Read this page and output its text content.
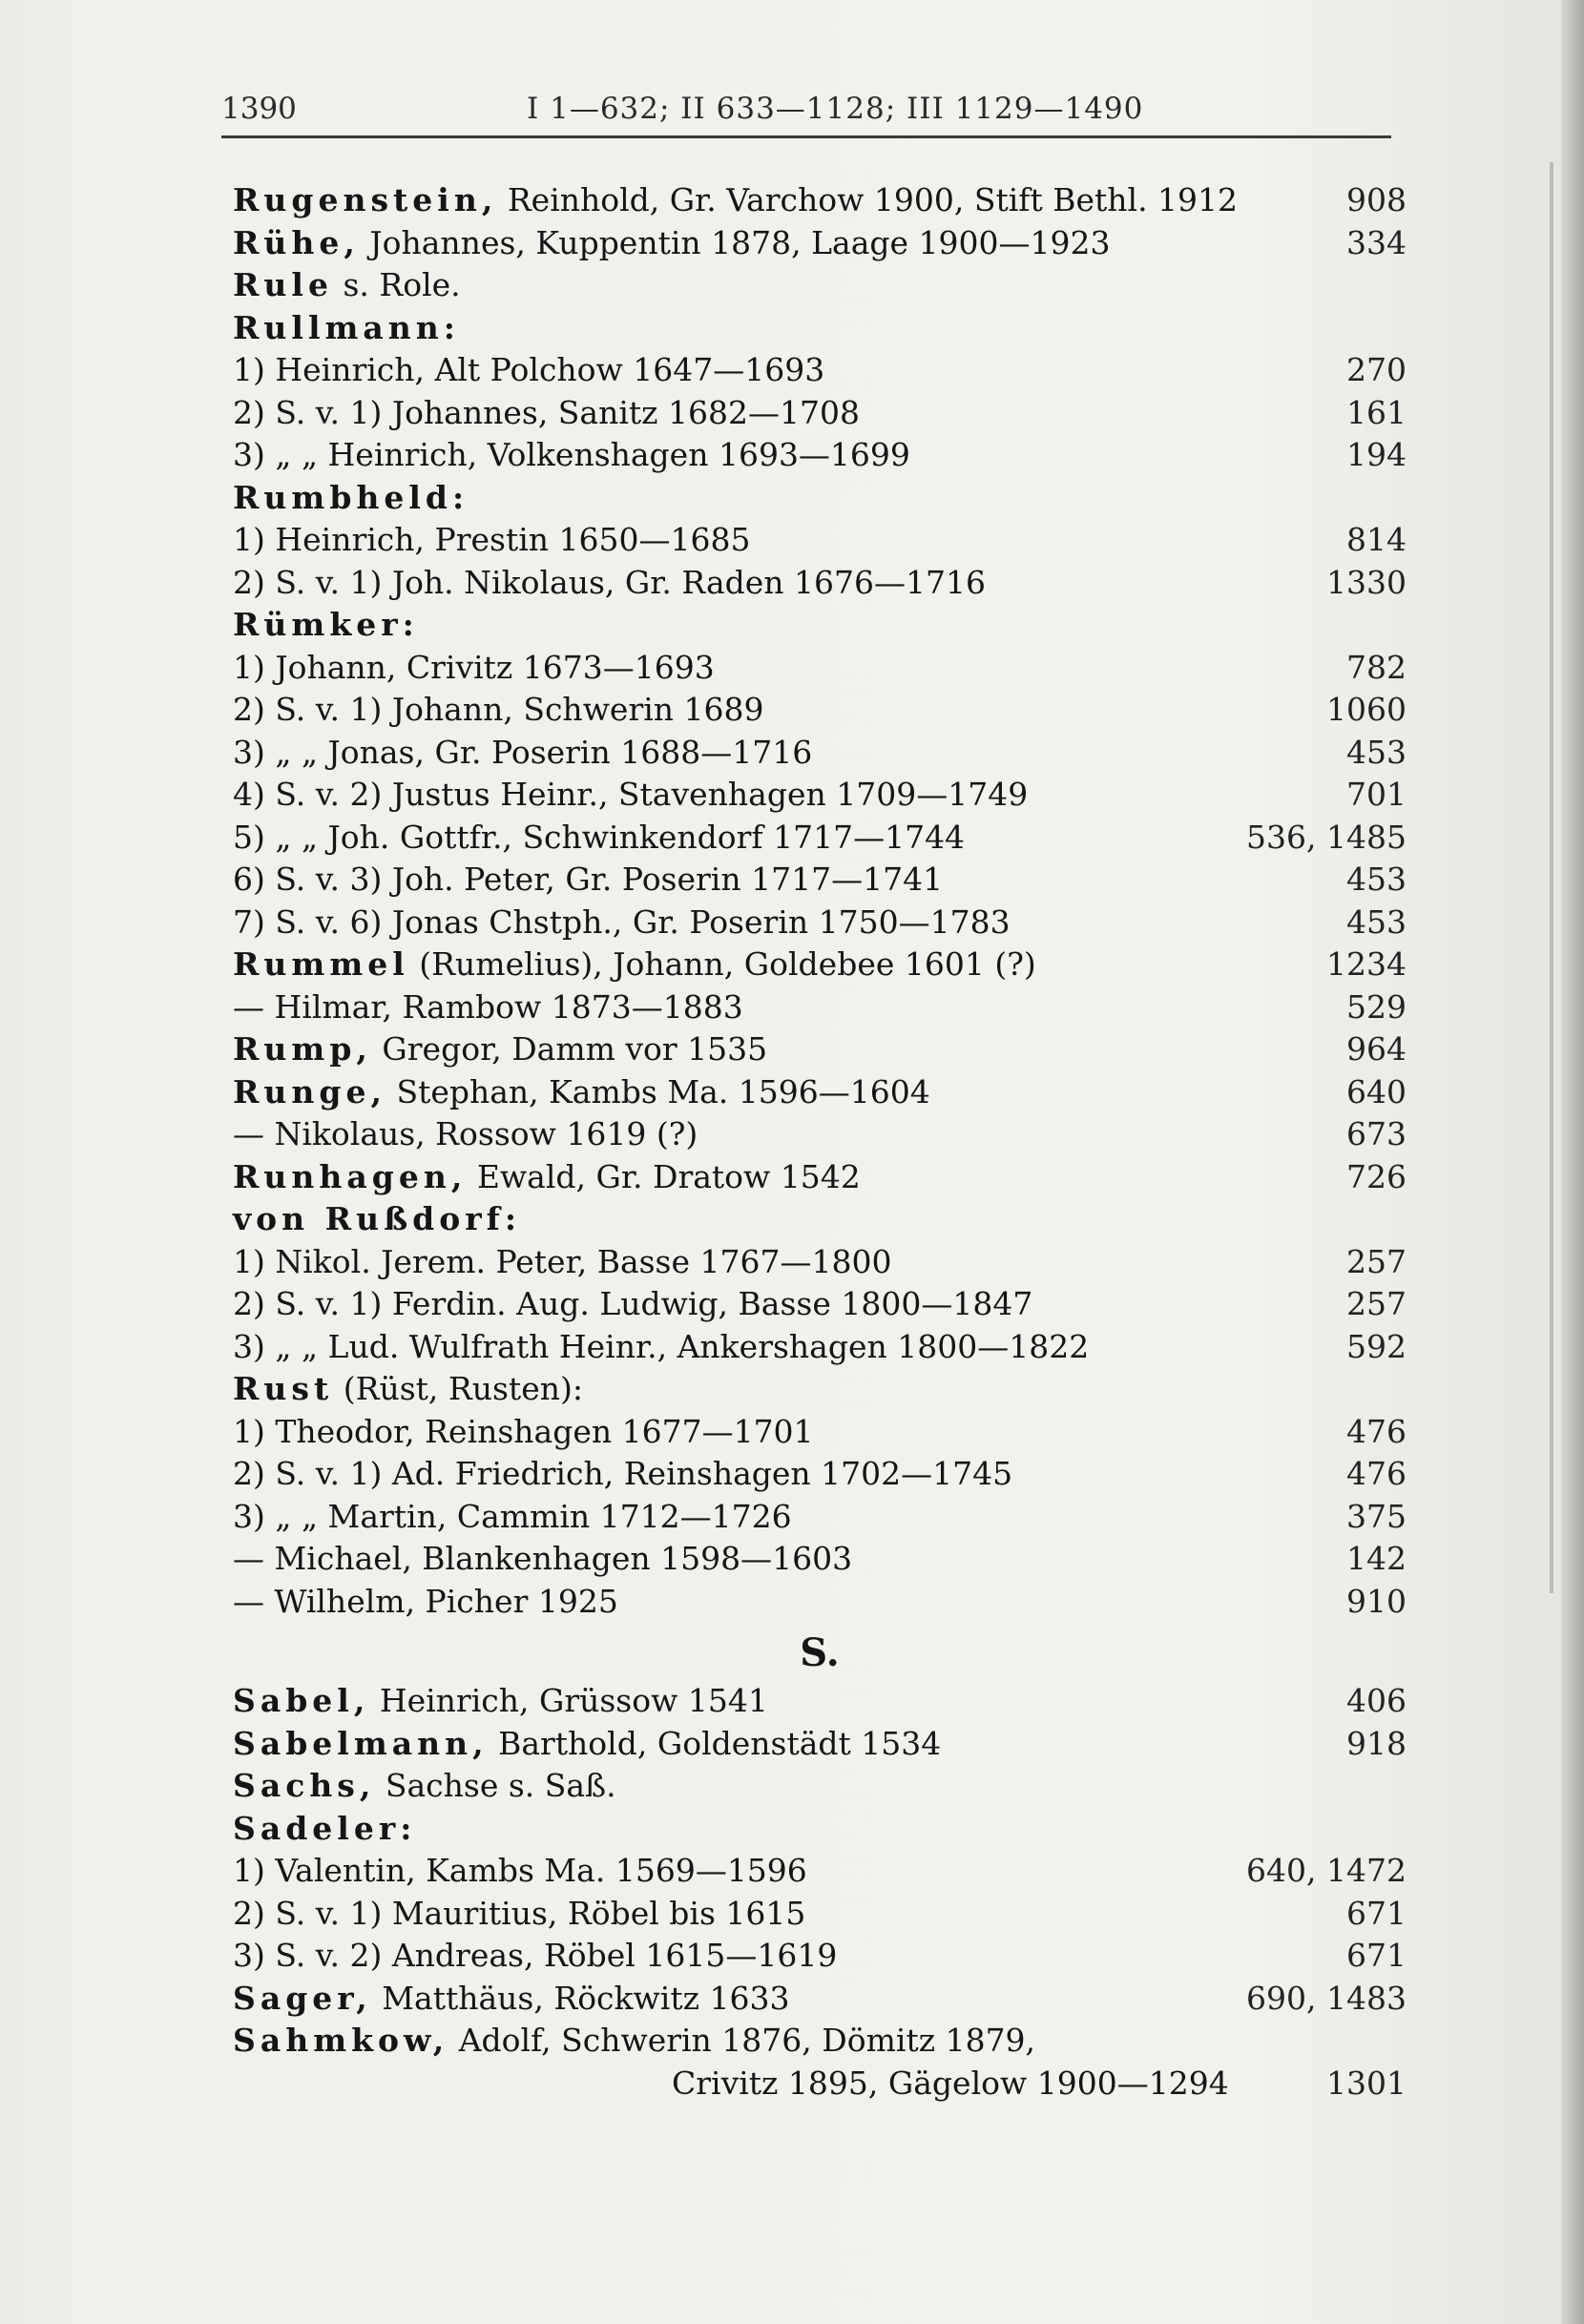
1390	I 1—632; II 633—1128; III 1129—1490
Rugenstein, Reinhold, Gr. Varchow 1900, Stift Bethl. 1912	908
Rühe, Johannes, Kuppentin 1878, Laage 1900—1923	334
Rule s. Role.
Rullmann:
1) Heinrich, Alt Polchow 1647—1693	270
2) S. v. 1) Johannes, Sanitz 1682—1708	161
3) „ „ Heinrich, Volkenshagen 1693—1699	194
Rumbheld:
1) Heinrich, Prestin 1650—1685	814
2) S. v. 1) Joh. Nikolaus, Gr. Raden 1676—1716	1330
Rümker:
1) Johann, Crivitz 1673—1693	782
2) S. v. 1) Johann, Schwerin 1689	1060
3) „ „ Jonas, Gr. Poserin 1688—1716	453
4) S. v. 2) Justus Heinr., Stavenhagen 1709—1749	701
5) „ „ Joh. Gottfr., Schwinkendorf 1717—1744	536, 1485
6) S. v. 3) Joh. Peter, Gr. Poserin 1717—1741	453
7) S. v. 6) Jonas Chstph., Gr. Poserin 1750—1783	453
Rummel (Rumelius), Johann, Goldebee 1601 (?)	1234
— Hilmar, Rambow 1873—1883	529
Rump, Gregor, Damm vor 1535	964
Runge, Stephan, Kambs Ma. 1596—1604	640
— Nikolaus, Rossow 1619 (?)	673
Runhagen, Ewald, Gr. Dratow 1542	726
von Rußdorf:
1) Nikol. Jerem. Peter, Basse 1767—1800	257
2) S. v. 1) Ferdin. Aug. Ludwig, Basse 1800—1847	257
3) „ „ Lud. Wulfrath Heinr., Ankershagen 1800—1822	592
Rust (Rüst, Rusten):
1) Theodor, Reinshagen 1677—1701	476
2) S. v. 1) Ad. Friedrich, Reinshagen 1702—1745	476
3) „ „ Martin, Cammin 1712—1726	375
— Michael, Blankenhagen 1598—1603	142
— Wilhelm, Picher 1925	910
S.
Sabel, Heinrich, Grüssow 1541	406
Sabelmann, Barthold, Goldenstädt 1534	918
Sachs, Sachse s. Saß.
Sadeler:
1) Valentin, Kambs Ma. 1569—1596	640, 1472
2) S. v. 1) Mauritius, Röbel bis 1615	671
3) S. v. 2) Andreas, Röbel 1615—1619	671
Sager, Matthäus, Röckwitz 1633	690, 1483
Sahmkow, Adolf, Schwerin 1876, Dömitz 1879,
Crivitz 1895, Gägelow 1900—1294	1301
